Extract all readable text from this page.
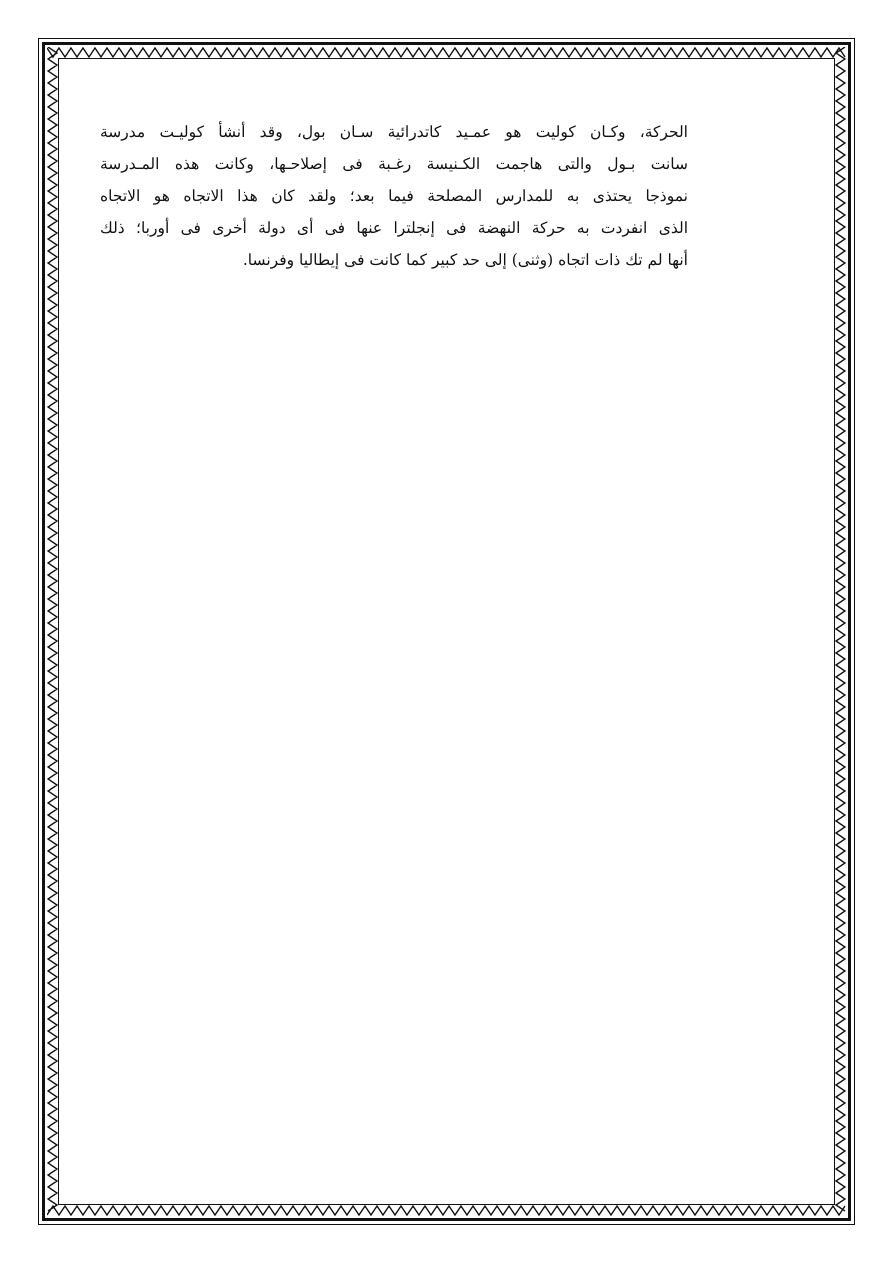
الحركة، وكـان كوليت هو عمـيد كاتدرائية سـان بول، وقد أنشأ كوليـت مدرسة
سانت بـول والتى هاجمت الكـنيسة رغـبة فى إصلاحـها، وكانت هذه المـدرسة
نموذجا يحتذى به للمدارس المصلحة فيما بعد؛ ولقد كان هذا الاتجاه هو الاتجاه
الذى انفردت به حركة النهضة فى إنجلترا عنها فى أى دولة أخرى فى أوربا؛ ذلك
أنها لم تك ذات اتجاه (وثنى) إلى حد كبير كما كانت فى إيطاليا وفرنسا.
